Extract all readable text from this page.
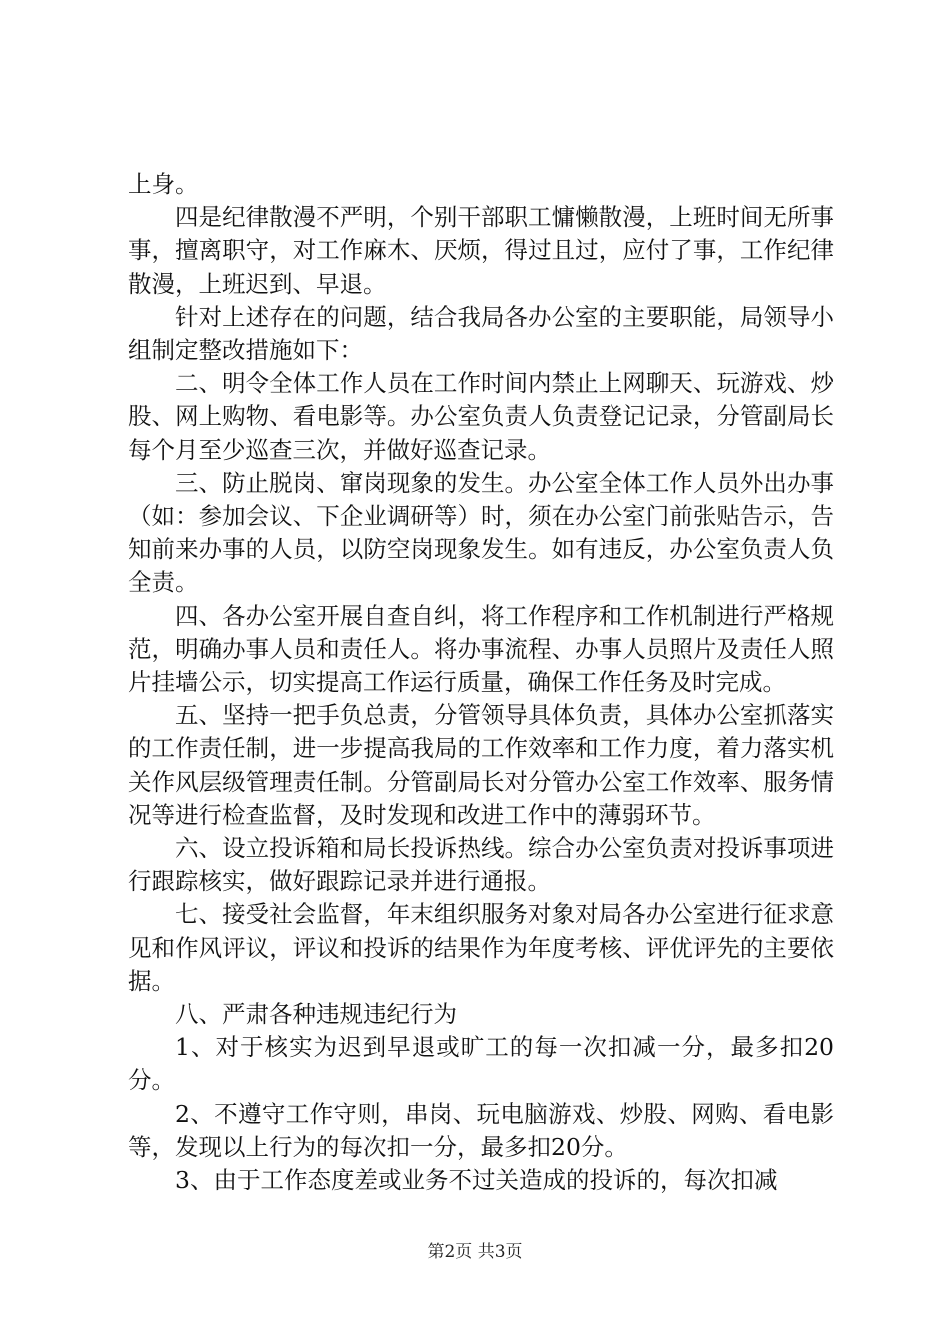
上身。

四是纪律散漫不严明，个别干部职工慵懒散漫，上班时间无所事事，擅离职守，对工作麻木、厌烦，得过且过，应付了事，工作纪律散漫，上班迟到、早退。

针对上述存在的问题，结合我局各办公室的主要职能，局领导小组制定整改措施如下：

二、明令全体工作人员在工作时间内禁止上网聊天、玩游戏、炒股、网上购物、看电影等。办公室负责人负责登记记录，分管副局长每个月至少巡查三次，并做好巡查记录。

三、防止脱岗、窜岗现象的发生。办公室全体工作人员外出办事（如：参加会议、下企业调研等）时，须在办公室门前张贴告示，告知前来办事的人员，以防空岗现象发生。如有违反，办公室负责人负全责。

四、各办公室开展自查自纠，将工作程序和工作机制进行严格规范，明确办事人员和责任人。将办事流程、办事人员照片及责任人照片挂墙公示，切实提高工作运行质量，确保工作任务及时完成。

五、坚持一把手负总责，分管领导具体负责，具体办公室抓落实的工作责任制，进一步提高我局的工作效率和工作力度，着力落实机关作风层级管理责任制。分管副局长对分管办公室工作效率、服务情况等进行检查监督，及时发现和改进工作中的薄弱环节。

六、设立投诉箱和局长投诉热线。综合办公室负责对投诉事项进行跟踪核实，做好跟踪记录并进行通报。

七、接受社会监督，年末组织服务对象对局各办公室进行征求意见和作风评议，评议和投诉的结果作为年度考核、评优评先的主要依据。

八、严肃各种违规违纪行为

1、对于核实为迟到早退或旷工的每一次扣减一分，最多扣20分。

2、不遵守工作守则，串岗、玩电脑游戏、炒股、网购、看电影等，发现以上行为的每次扣一分，最多扣20分。

3、由于工作态度差或业务不过关造成的投诉的，每次扣减

第2页 共3页
